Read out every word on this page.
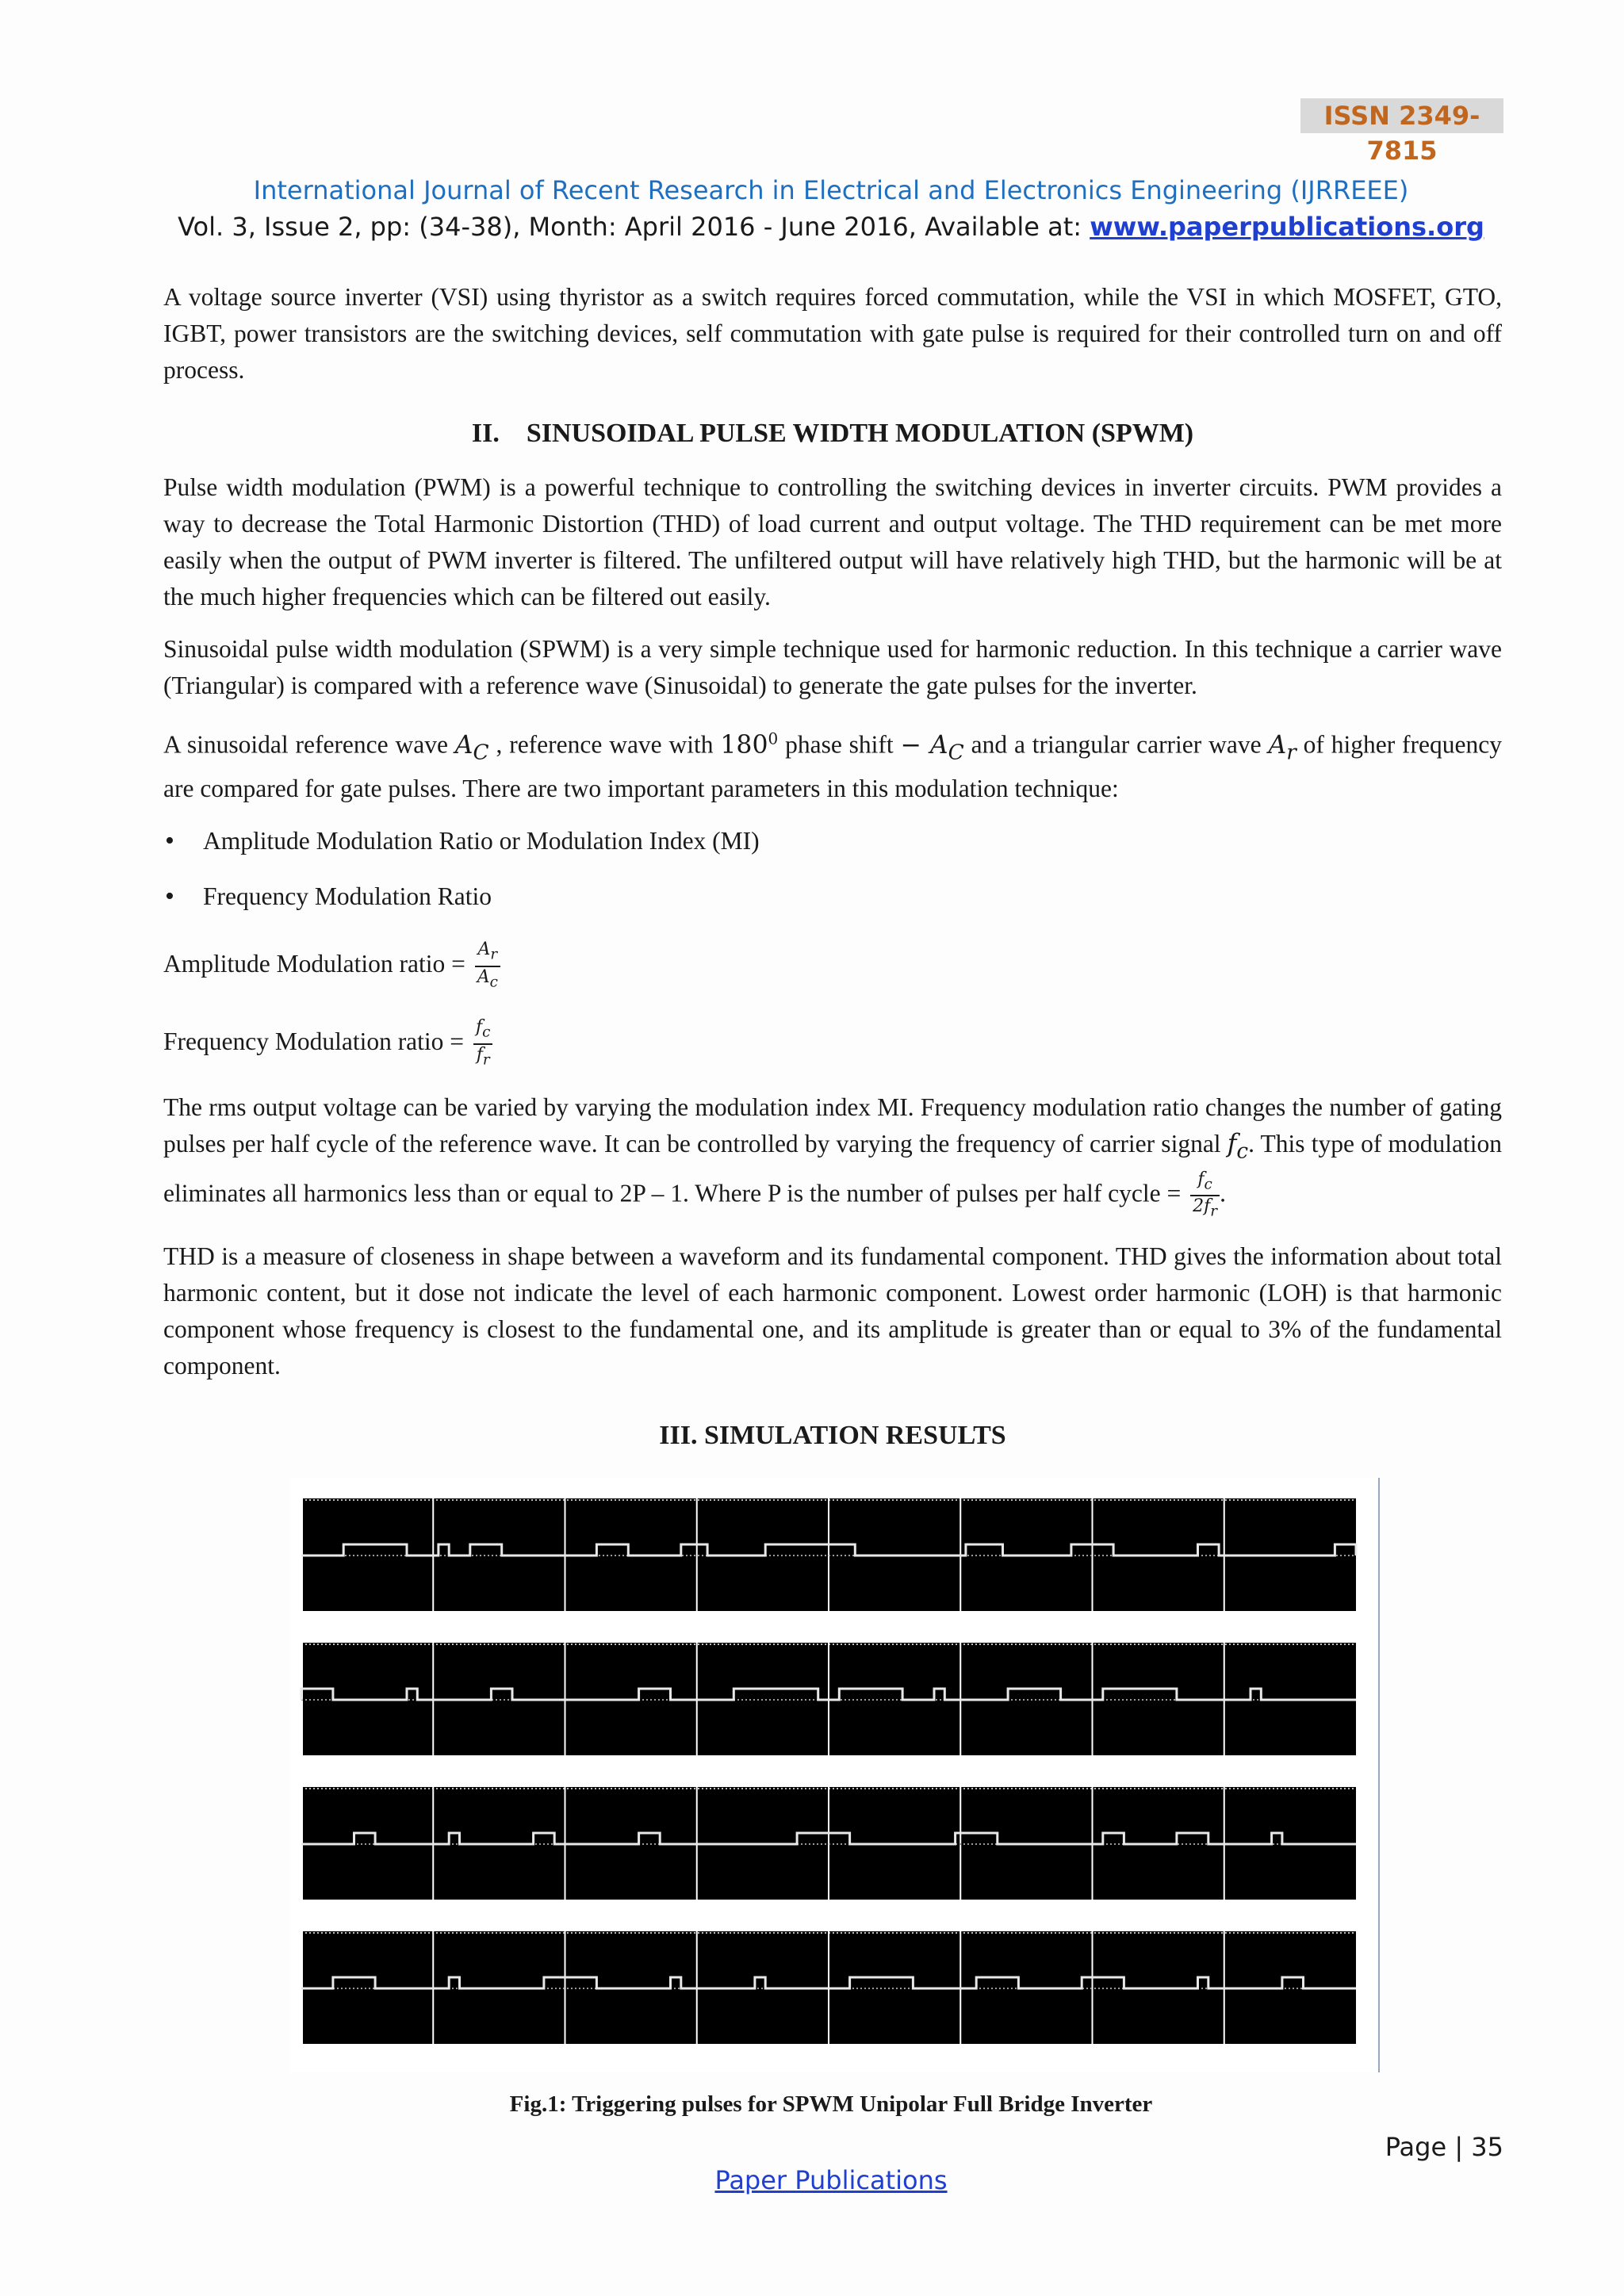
ISSN 2349-7815
International Journal of Recent Research in Electrical and Electronics Engineering (IJRREEE)
Vol. 3, Issue 2, pp: (34-38), Month: April 2016 - June 2016, Available at: www.paperpublications.org

A voltage source inverter (VSI) using thyristor as a switch requires forced commutation, while the VSI in which MOSFET, GTO, IGBT, power transistors are the switching devices, self commutation with gate pulse is required for their controlled turn on and off process.

II. SINUSOIDAL PULSE WIDTH MODULATION (SPWM)

Pulse width modulation (PWM) is a powerful technique to controlling the switching devices in inverter circuits. PWM provides a way to decrease the Total Harmonic Distortion (THD) of load current and output voltage. The THD requirement can be met more easily when the output of PWM inverter is filtered. The unfiltered output will have relatively high THD, but the harmonic will be at the much higher frequencies which can be filtered out easily.

Sinusoidal pulse width modulation (SPWM) is a very simple technique used for harmonic reduction. In this technique a carrier wave (Triangular) is compared with a reference wave (Sinusoidal) to generate the gate pulses for the inverter.

A sinusoidal reference wave $A_C$ , reference wave with $180^0$ phase shift − $A_C$ and a triangular carrier wave $A_r$ of higher frequency are compared for gate pulses. There are two important parameters in this modulation technique:

• Amplitude Modulation Ratio or Modulation Index (MI)
• Frequency Modulation Ratio
Amplitude Modulation ratio = $\frac{A_r}{A_c}$
Frequency Modulation ratio = $\frac{f_c}{f_r}$

The rms output voltage can be varied by varying the modulation index MI. Frequency modulation ratio changes the number of gating pulses per half cycle of the reference wave. It can be controlled by varying the frequency of carrier signal $f_c$. This type of modulation eliminates all harmonics less than or equal to 2P – 1. Where P is the number of pulses per half cycle = $\frac{f_c}{2f_r}$ .

THD is a measure of closeness in shape between a waveform and its fundamental component. THD gives the information about total harmonic content, but it dose not indicate the level of each harmonic component. Lowest order harmonic (LOH) is that harmonic component whose frequency is closest to the fundamental one, and its amplitude is greater than or equal to 3% of the fundamental component.

III. SIMULATION RESULTS
Fig.1: Triggering pulses for SPWM Unipolar Full Bridge Inverter
Page | 35
Paper Publications
